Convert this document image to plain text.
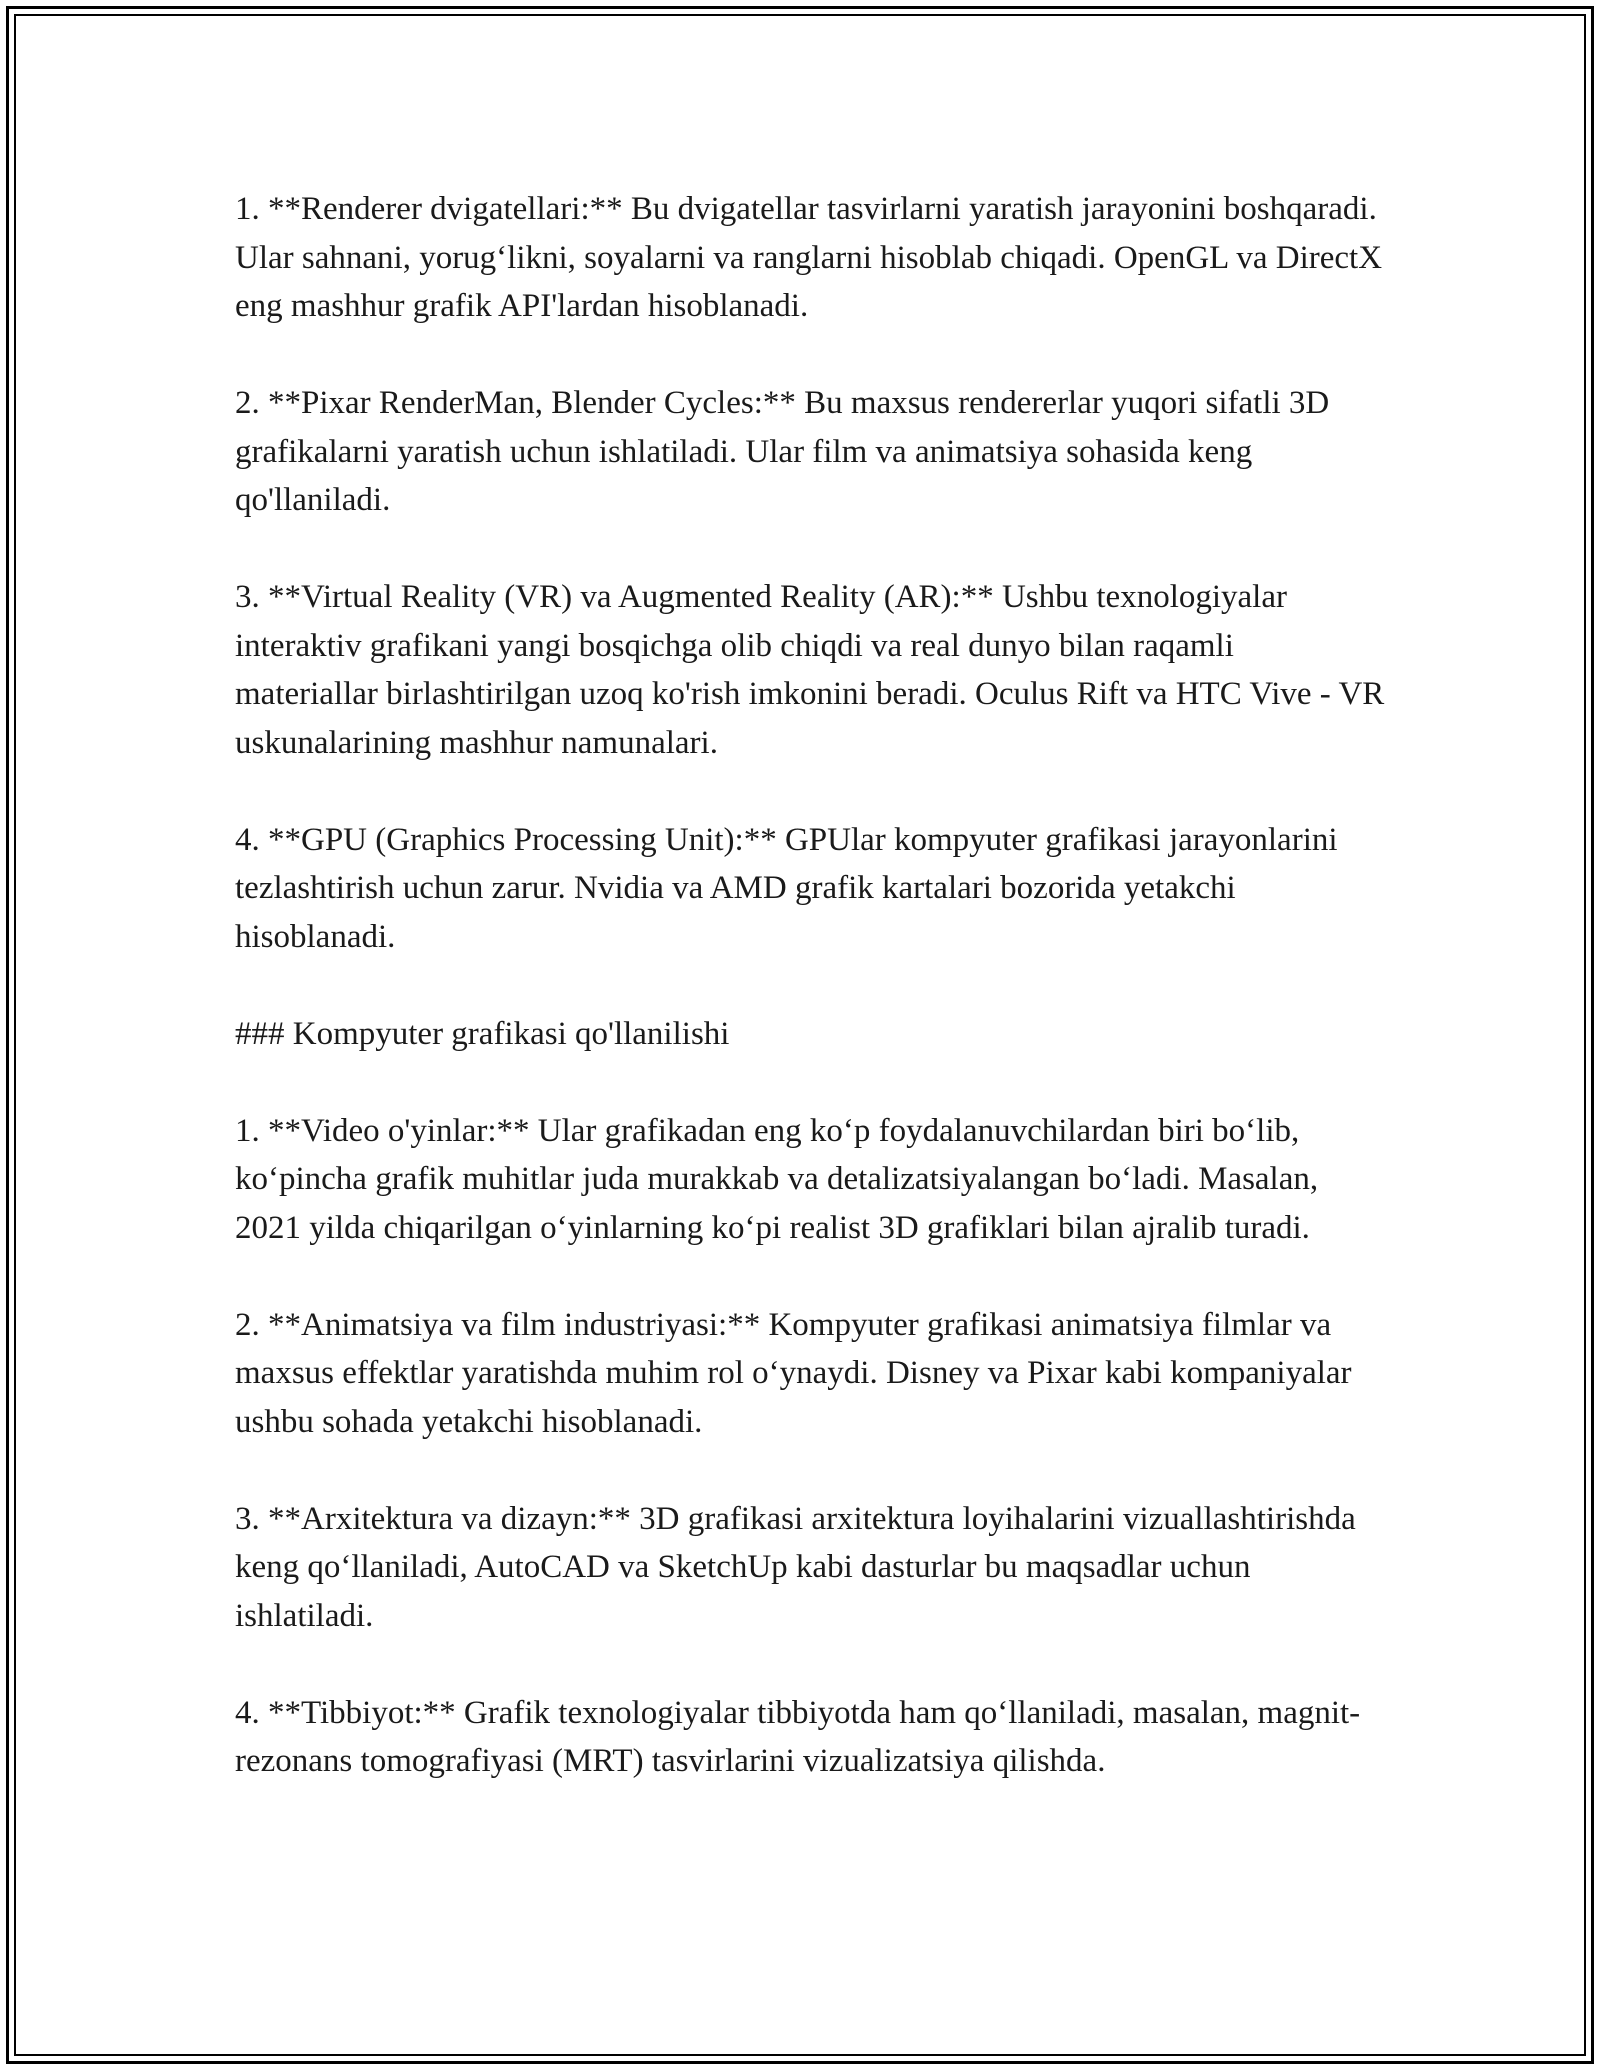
1. **Renderer dvigatellari:** Bu dvigatellar tasvirlarni yaratish jarayonini boshqaradi. Ular sahnani, yorug‘likni, soyalarni va ranglarni hisoblab chiqadi. OpenGL va DirectX eng mashhur grafik API'lardan hisoblanadi.

2. **Pixar RenderMan, Blender Cycles:** Bu maxsus rendererlar yuqori sifatli 3D grafikalarni yaratish uchun ishlatiladi. Ular film va animatsiya sohasida keng qo'llaniladi.

3. **Virtual Reality (VR) va Augmented Reality (AR):** Ushbu texnologiyalar interaktiv grafikani yangi bosqichga olib chiqdi va real dunyo bilan raqamli materiallar birlashtirilgan uzoq ko'rish imkonini beradi. Oculus Rift va HTC Vive - VR uskunalarining mashhur namunalari.

4. **GPU (Graphics Processing Unit):** GPUlar kompyuter grafikasi jarayonlarini tezlashtirish uchun zarur. Nvidia va AMD grafik kartalari bozorida yetakchi hisoblanadi.

### Kompyuter grafikasi qo'llanilishi

1. **Video o'yinlar:** Ular grafikadan eng ko‘p foydalanuvchilardan biri bo‘lib, ko‘pincha grafik muhitlar juda murakkab va detalizatsiyalangan bo‘ladi. Masalan, 2021 yilda chiqarilgan o‘yinlarning ko‘pi realist 3D grafiklari bilan ajralib turadi.

2. **Animatsiya va film industriyasi:** Kompyuter grafikasi animatsiya filmlar va maxsus effektlar yaratishda muhim rol o‘ynaydi. Disney va Pixar kabi kompaniyalar ushbu sohada yetakchi hisoblanadi.

3. **Arxitektura va dizayn:** 3D grafikasi arxitektura loyihalarini vizuallashtirishda keng qo‘llaniladi, AutoCAD va SketchUp kabi dasturlar bu maqsadlar uchun ishlatiladi.

4. **Tibbiyot:** Grafik texnologiyalar tibbiyotda ham qo‘llaniladi, masalan, magnit-rezonans tomografiyasi (MRT) tasvirlarini vizualizatsiya qilishda.
